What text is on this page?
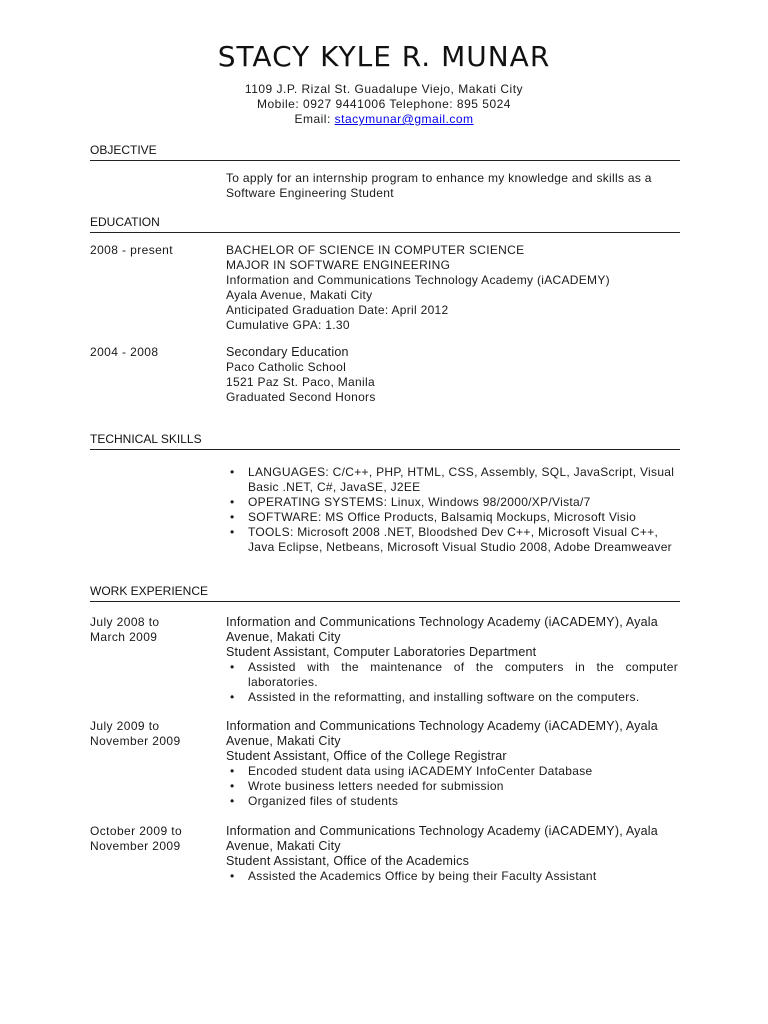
STACY KYLE R. MUNAR
1109 J.P. Rizal St. Guadalupe Viejo, Makati City
Mobile: 0927 9441006 Telephone: 895 5024
Email: stacymunar@gmail.com
OBJECTIVE
To apply for an internship program to enhance my knowledge and skills as a
Software Engineering Student
EDUCATION
2008 - present	BACHELOR OF SCIENCE IN COMPUTER SCIENCE
MAJOR IN SOFTWARE ENGINEERING
Information and Communications Technology Academy (iACADEMY)
Ayala Avenue, Makati City
Anticipated Graduation Date: April 2012
Cumulative GPA: 1.30
2004 - 2008	Secondary Education
Paco Catholic School
1521 Paz St. Paco, Manila
Graduated Second Honors
TECHNICAL SKILLS
• LANGUAGES: C/C++, PHP, HTML, CSS, Assembly, SQL, JavaScript, Visual Basic .NET, C#, JavaSE, J2EE
• OPERATING SYSTEMS: Linux, Windows 98/2000/XP/Vista/7
• SOFTWARE: MS Office Products, Balsamiq Mockups, Microsoft Visio
• TOOLS: Microsoft 2008 .NET, Bloodshed Dev C++, Microsoft Visual C++, Java Eclipse, Netbeans, Microsoft Visual Studio 2008, Adobe Dreamweaver
WORK EXPERIENCE
July 2008 to
March 2009
Information and Communications Technology Academy (iACADEMY), Ayala
Avenue, Makati City
Student Assistant, Computer Laboratories Department
• Assisted with the maintenance of the computers in the computer laboratories.
• Assisted in the reformatting, and installing software on the computers.
July 2009 to
November 2009
Information and Communications Technology Academy (iACADEMY), Ayala
Avenue, Makati City
Student Assistant, Office of the College Registrar
• Encoded student data using iACADEMY InfoCenter Database
• Wrote business letters needed for submission
• Organized files of students
October 2009 to
November 2009
Information and Communications Technology Academy (iACADEMY), Ayala
Avenue, Makati City
Student Assistant, Office of the Academics
• Assisted the Academics Office by being their Faculty Assistant
